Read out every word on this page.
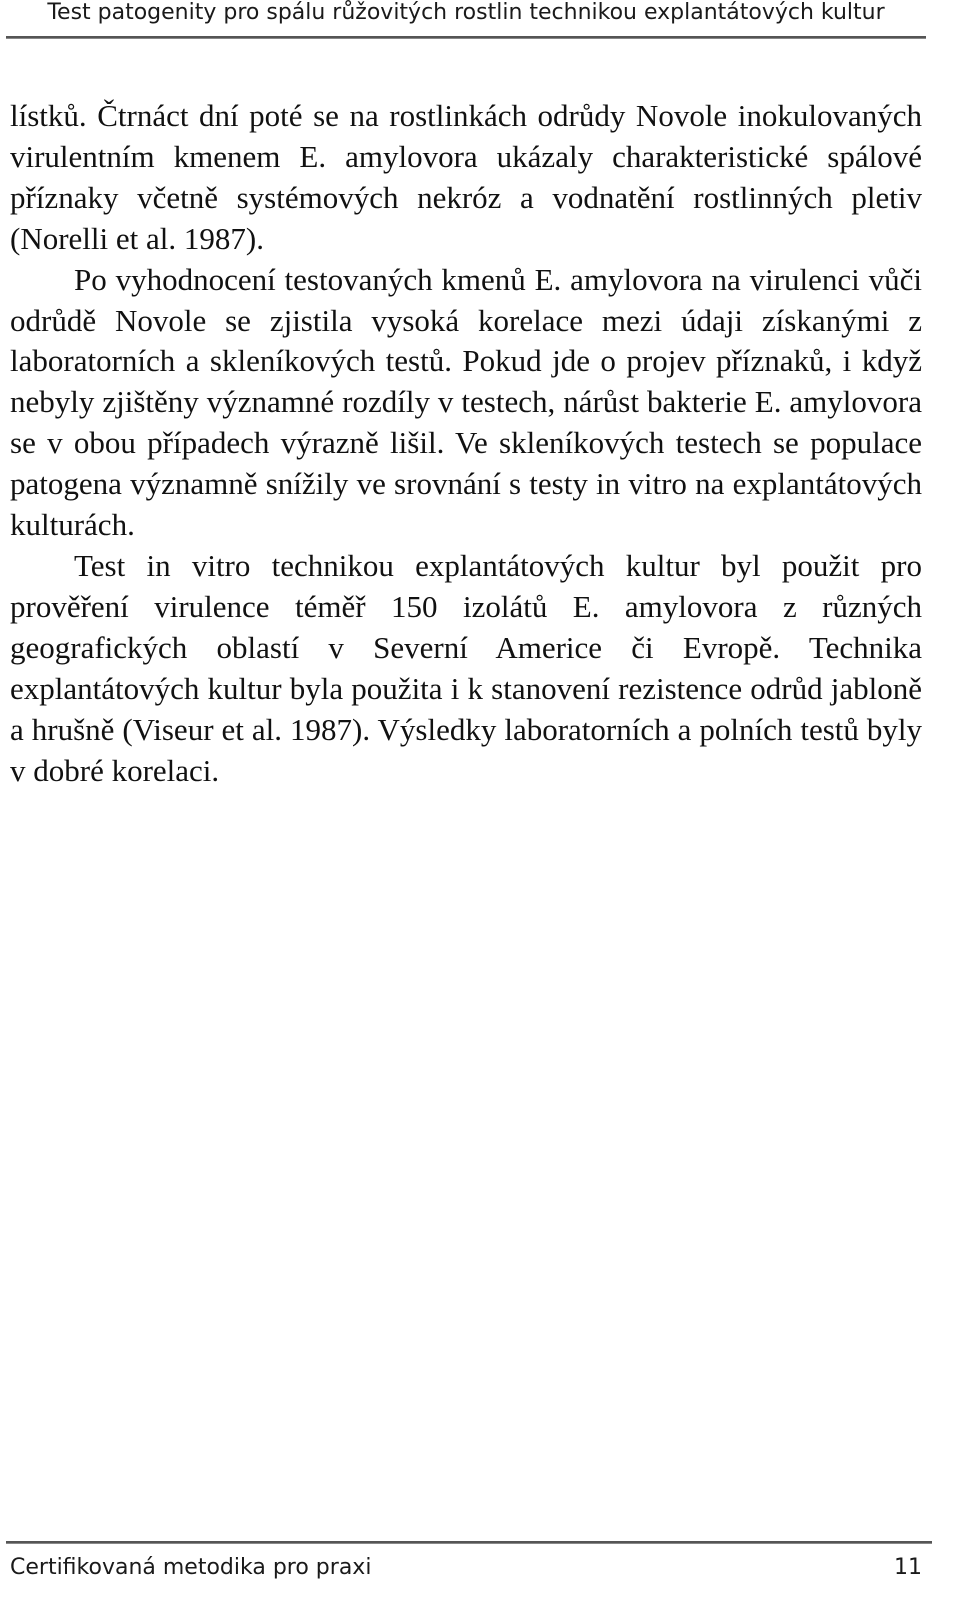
Test patogenity pro spálu růžovitých rostlin technikou explantátových kultur

lístků. Čtrnáct dní poté se na rostlinkách odrůdy Novole inokulovaných virulentním kmenem E. amylovora ukázaly charakteristické spálové příznaky včetně systémových nekróz a vodnatění rostlinných pletiv (Norelli et al. 1987).

Po vyhodnocení testovaných kmenů E. amylovora na virulenci vůči odrůdě Novole se zjistila vysoká korelace mezi údaji získanými z laboratorních a skleníkových testů. Pokud jde o projev příznaků, i když nebyly zjištěny významné rozdíly v testech, nárůst bakterie E. amylovora se v obou případech výrazně lišil. Ve skleníkových testech se populace patogena významně snížily ve srovnání s testy in vitro na explantátových kulturách.

Test in vitro technikou explantátových kultur byl použit pro prověření virulence téměř 150 izolátů E. amylovora z různých geografických oblastí v Severní Americe či Evropě. Technika explantátových kultur byla použita i k stanovení rezistence odrůd jabloně a hrušně (Viseur et al. 1987). Výsledky laboratorních a polních testů byly v dobré korelaci.

Certifikovaná metodika pro praxi	11
